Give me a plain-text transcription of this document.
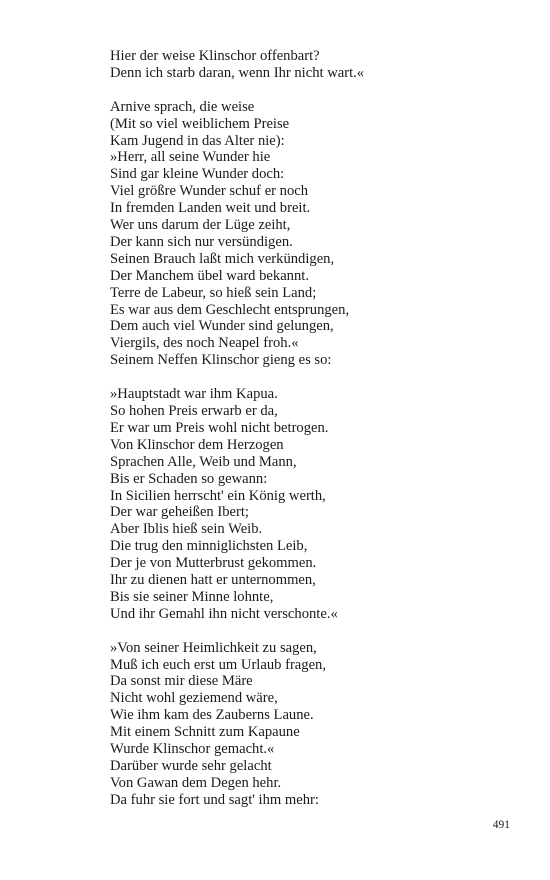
Hier der weise Klinschor offenbart?
Denn ich starb daran, wenn Ihr nicht wart.«
Arnive sprach, die weise
(Mit so viel weiblichem Preise
Kam Jugend in das Alter nie):
»Herr, all seine Wunder hie
Sind gar kleine Wunder doch:
Viel größre Wunder schuf er noch
In fremden Landen weit und breit.
Wer uns darum der Lüge zeiht,
Der kann sich nur versündigen.
Seinen Brauch laßt mich verkündigen,
Der Manchem übel ward bekannt.
Terre de Labeur, so hieß sein Land;
Es war aus dem Geschlecht entsprungen,
Dem auch viel Wunder sind gelungen,
Viergils, des noch Neapel froh.«
Seinem Neffen Klinschor gieng es so:
»Hauptstadt war ihm Kapua.
So hohen Preis erwarb er da,
Er war um Preis wohl nicht betrogen.
Von Klinschor dem Herzogen
Sprachen Alle, Weib und Mann,
Bis er Schaden so gewann:
In Sicilien herrscht' ein König werth,
Der war geheißen Ibert;
Aber Iblis hieß sein Weib.
Die trug den minniglichsten Leib,
Der je von Mutterbrust gekommen.
Ihr zu dienen hatt er unternommen,
Bis sie seiner Minne lohnte,
Und ihr Gemahl ihn nicht verschonte.«
»Von seiner Heimlichkeit zu sagen,
Muß ich euch erst um Urlaub fragen,
Da sonst mir diese Märe
Nicht wohl geziemend wäre,
Wie ihm kam des Zauberns Laune.
Mit einem Schnitt zum Kapaune
Wurde Klinschor gemacht.«
Darüber wurde sehr gelacht
Von Gawan dem Degen hehr.
Da fuhr sie fort und sagt' ihm mehr:
491
